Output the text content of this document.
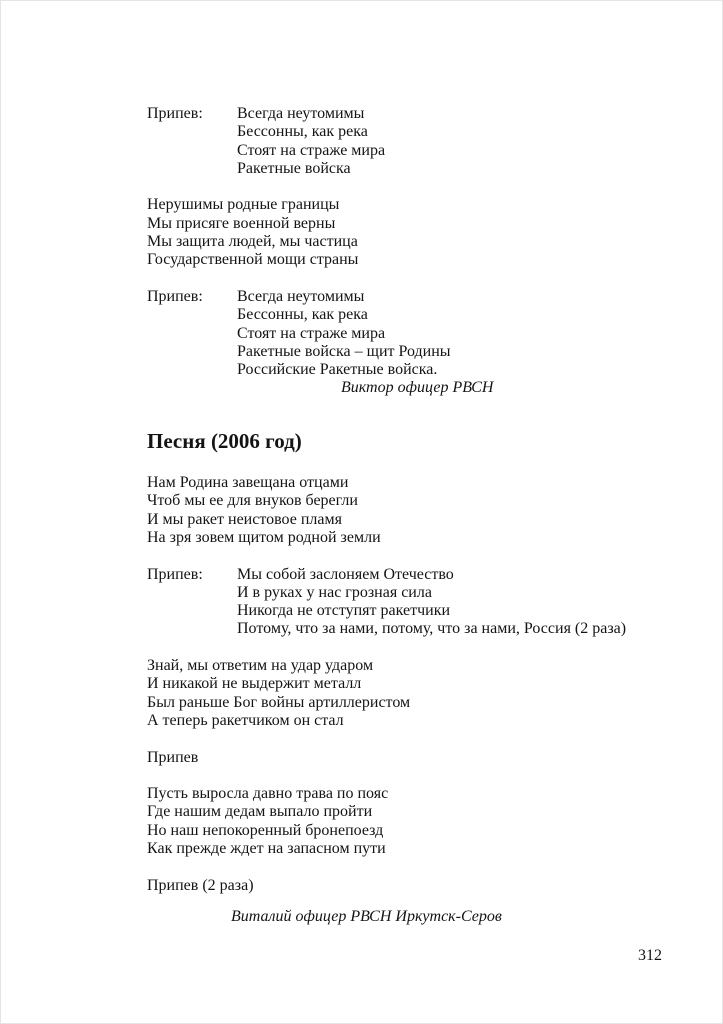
Припев:	Всегда неутомимы
Бессонны, как река
Стоят на страже мира
Ракетные войска
Нерушимы родные границы
Мы присяге военной верны
Мы защита людей, мы частица
Государственной мощи страны
Припев:	Всегда неутомимы
Бессонны, как река
Стоят на страже мира
Ракетные войска – щит Родины
Российские Ракетные войска.
Виктор офицер РВСН
Песня (2006 год)
Нам Родина завещана отцами
Чтоб мы ее для внуков берегли
И мы ракет неистовое пламя
На зря зовем щитом родной земли
Припев:	Мы собой заслоняем Отечество
И в руках у нас грозная сила
Никогда не отступят ракетчики
Потому, что за нами, потому, что за нами, Россия (2 раза)
Знай, мы ответим на удар ударом
И никакой не выдержит металл
Был раньше Бог войны артиллеристом
А теперь ракетчиком он стал
Припев
Пусть выросла давно трава по пояс
Где нашим дедам выпало пройти
Но наш непокоренный бронепоезд
Как прежде ждет на запасном пути
Припев (2 раза)
Виталий офицер РВСН Иркутск-Серов
312
